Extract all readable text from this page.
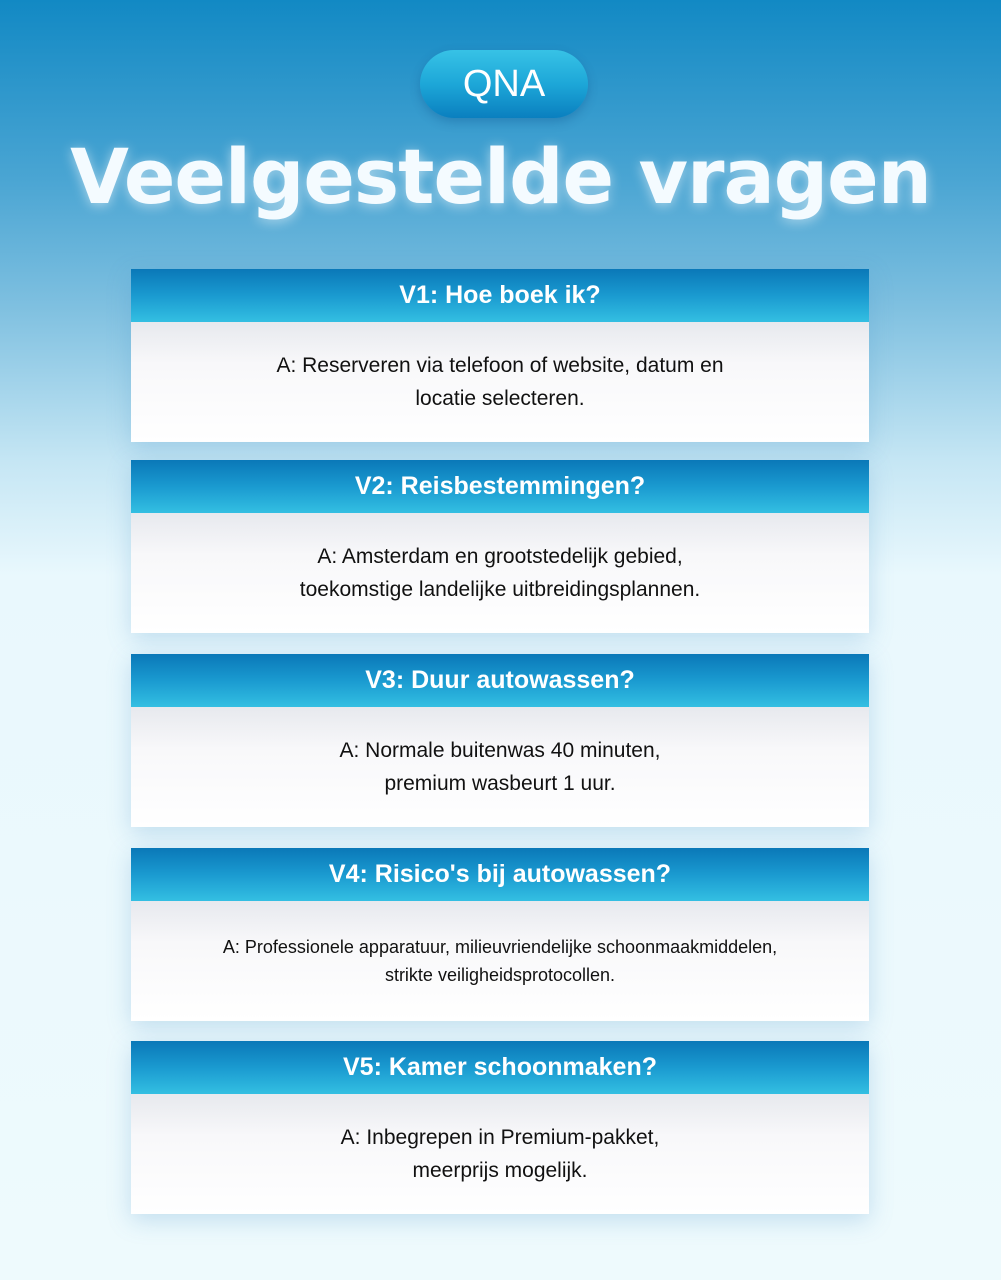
QNA
Veelgestelde vragen
V1: Hoe boek ik?
A: Reserveren via telefoon of website, datum en
locatie selecteren.
V2: Reisbestemmingen?
A: Amsterdam en grootstedelijk gebied,
toekomstige landelijke uitbreidingsplannen.
V3: Duur autowassen?
A: Normale buitenwas 40 minuten,
premium wasbeurt 1 uur.
V4: Risico's bij autowassen?
A: Professionele apparatuur, milieuvriendelijke schoonmaakmiddelen,
strikte veiligheidsprotocollen.
V5: Kamer schoonmaken?
A: Inbegrepen in Premium-pakket,
meerprijs mogelijk.
